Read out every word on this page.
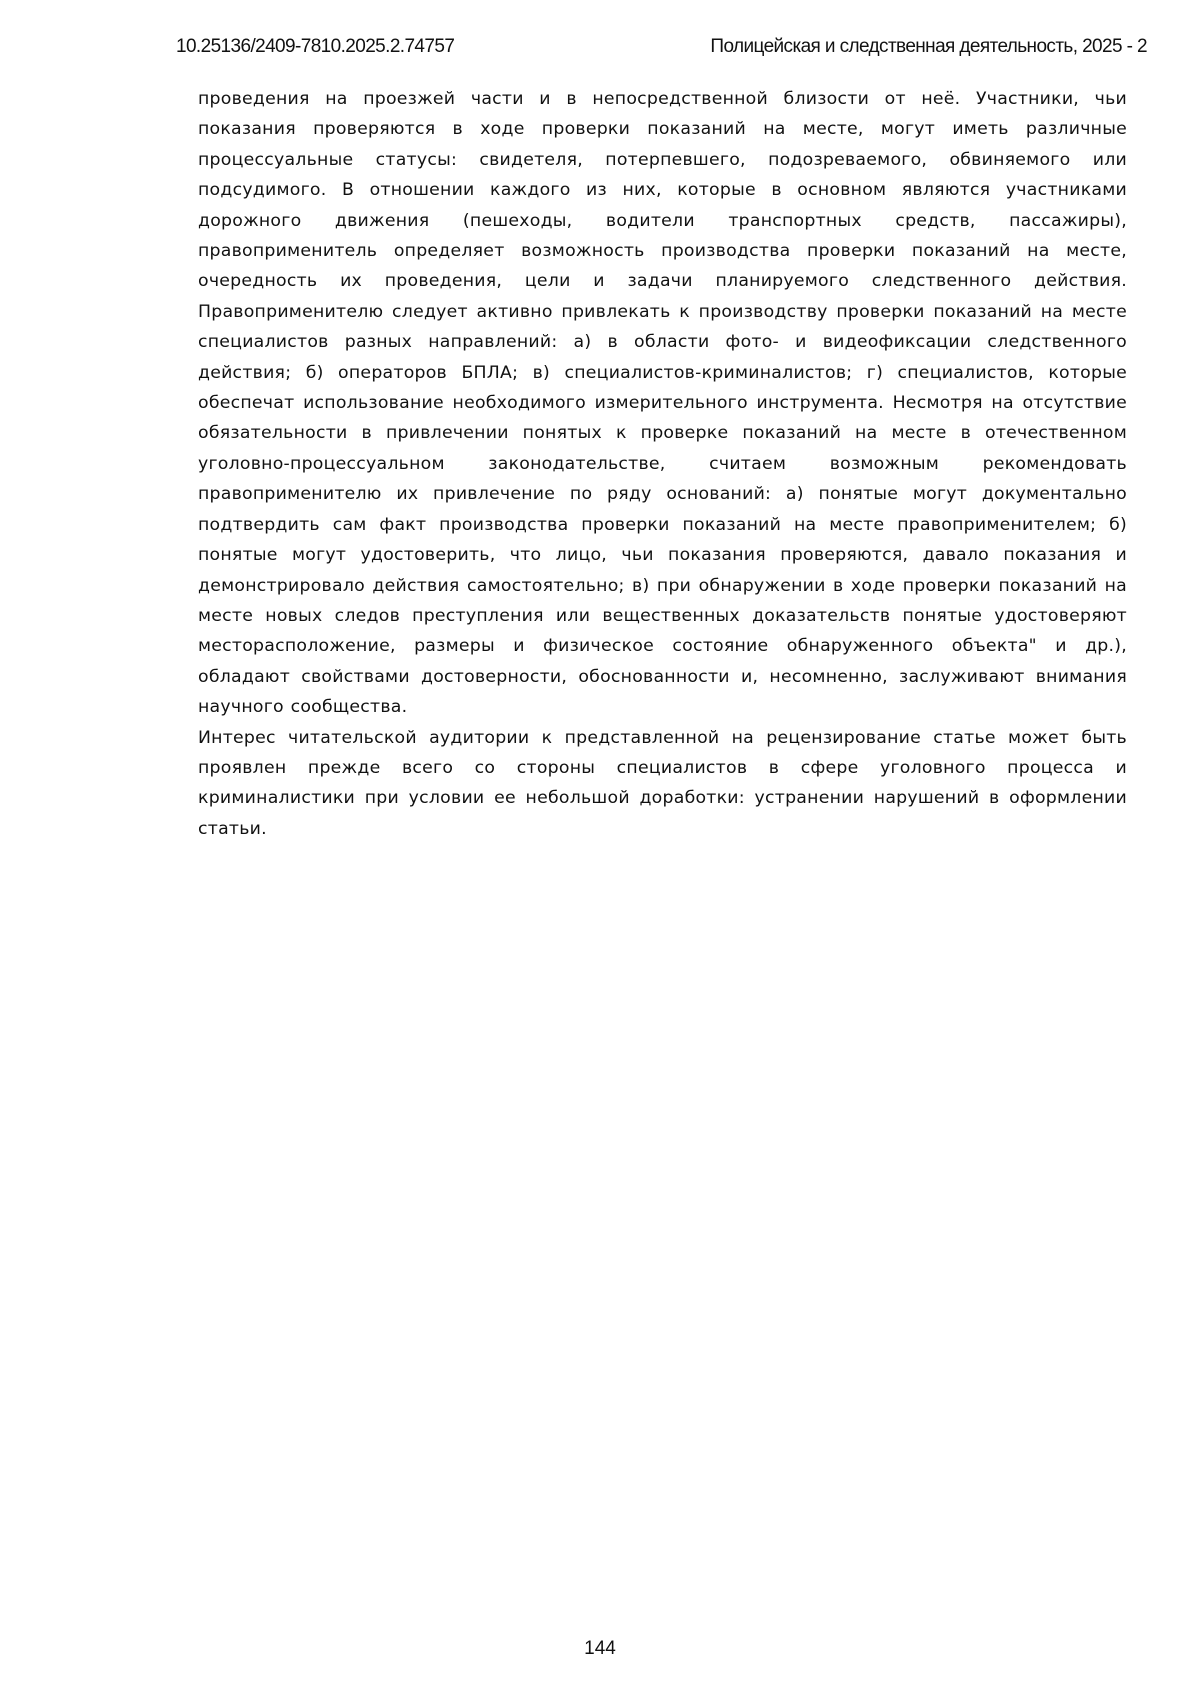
10.25136/2409-7810.2025.2.74757	Полицейская и следственная деятельность, 2025 - 2

проведения на проезжей части и в непосредственной близости от неё. Участники, чьи показания проверяются в ходе проверки показаний на месте, могут иметь различные процессуальные статусы: свидетеля, потерпевшего, подозреваемого, обвиняемого или подсудимого. В отношении каждого из них, которые в основном являются участниками дорожного движения (пешеходы, водители транспортных средств, пассажиры), правоприменитель определяет возможность производства проверки показаний на месте, очередность их проведения, цели и задачи планируемого следственного действия. Правоприменителю следует активно привлекать к производству проверки показаний на месте специалистов разных направлений: а) в области фото- и видеофиксации следственного действия; б) операторов БПЛА; в) специалистов-криминалистов; г) специалистов, которые обеспечат использование необходимого измерительного инструмента. Несмотря на отсутствие обязательности в привлечении понятых к проверке показаний на месте в отечественном уголовно-процессуальном законодательстве, считаем возможным рекомендовать правоприменителю их привлечение по ряду оснований: а) понятые могут документально подтвердить сам факт производства проверки показаний на месте правоприменителем; б) понятые могут удостоверить, что лицо, чьи показания проверяются, давало показания и демонстрировало действия самостоятельно; в) при обнаружении в ходе проверки показаний на месте новых следов преступления или вещественных доказательств понятые удостоверяют месторасположение, размеры и физическое состояние обнаруженного объекта" и др.), обладают свойствами достоверности, обоснованности и, несомненно, заслуживают внимания научного сообщества.

Интерес читательской аудитории к представленной на рецензирование статье может быть проявлен прежде всего со стороны специалистов в сфере уголовного процесса и криминалистики при условии ее небольшой доработки: устранении нарушений в оформлении статьи.

144
